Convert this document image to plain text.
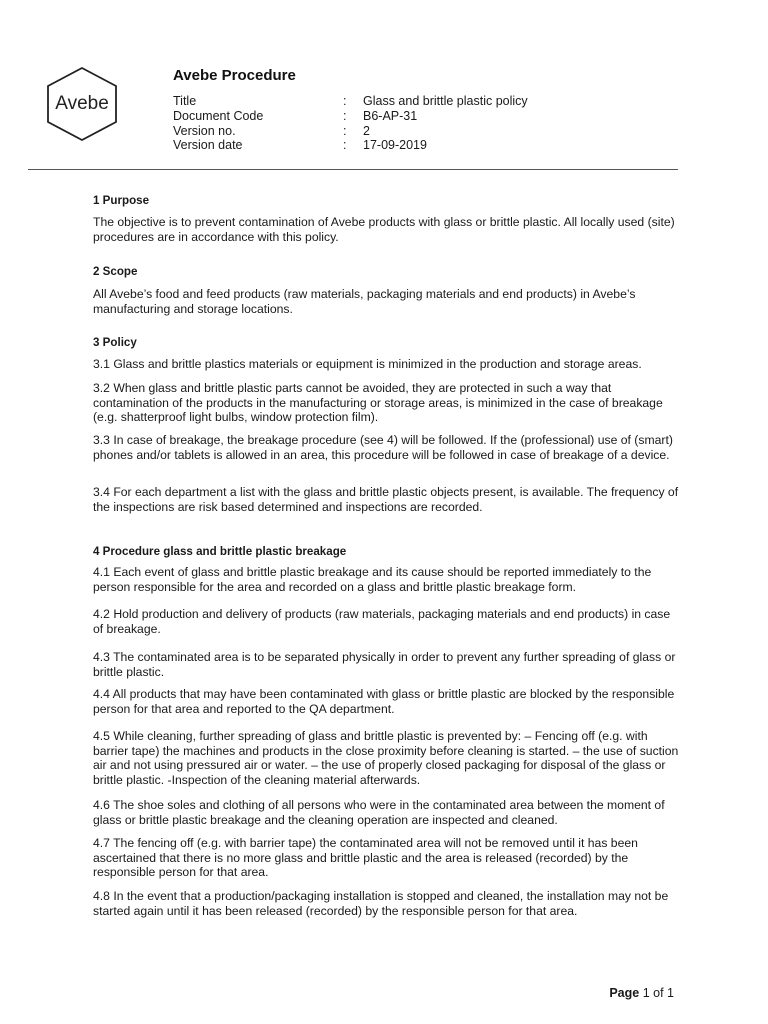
Avebe
Avebe Procedure
Title	:	Glass and brittle plastic policy
Document Code	:	B6-AP-31
Version no.	:	2
Version date	:	17-09-2019

1 Purpose

The objective is to prevent contamination of Avebe products with glass or brittle plastic. All locally used (site) procedures are in accordance with this policy.

2 Scope

All Avebe’s food and feed products (raw materials, packaging materials and end products) in Avebe’s manufacturing and storage locations.

3 Policy

3.1 Glass and brittle plastics materials or equipment is minimized in the production and storage areas.

3.2 When glass and brittle plastic parts cannot be avoided, they are protected in such a way that contamination of the products in the manufacturing or storage areas, is minimized in the case of breakage (e.g. shatterproof light bulbs, window protection film).

3.3 In case of breakage, the breakage procedure (see 4) will be followed. If the (professional) use of (smart) phones and/or tablets is allowed in an area, this procedure will be followed in case of breakage of a device.

3.4 For each department a list with the glass and brittle plastic objects present, is available. The frequency of the inspections are risk based determined and inspections are recorded.

4 Procedure glass and brittle plastic breakage

4.1 Each event of glass and brittle plastic breakage and its cause should be reported immediately to the person responsible for the area and recorded on a glass and brittle plastic breakage form.

4.2 Hold production and delivery of products (raw materials, packaging materials and end products) in case of breakage.

4.3 The contaminated area is to be separated physically in order to prevent any further spreading of glass or brittle plastic.

4.4 All products that may have been contaminated with glass or brittle plastic are blocked by the responsible person for that area and reported to the QA department.

4.5 While cleaning, further spreading of glass and brittle plastic is prevented by: – Fencing off (e.g. with barrier tape) the machines and products in the close proximity before cleaning is started. – the use of suction air and not using pressured air or water. – the use of properly closed packaging for disposal of the glass or brittle plastic. -Inspection of the cleaning material afterwards.

4.6 The shoe soles and clothing of all persons who were in the contaminated area between the moment of glass or brittle plastic breakage and the cleaning operation are inspected and cleaned.

4.7 The fencing off (e.g. with barrier tape) the contaminated area will not be removed until it has been ascertained that there is no more glass and brittle plastic and the area is released (recorded) by the responsible person for that area.

4.8 In the event that a production/packaging installation is stopped and cleaned, the installation may not be started again until it has been released (recorded) by the responsible person for that area.

Page 1 of 1
